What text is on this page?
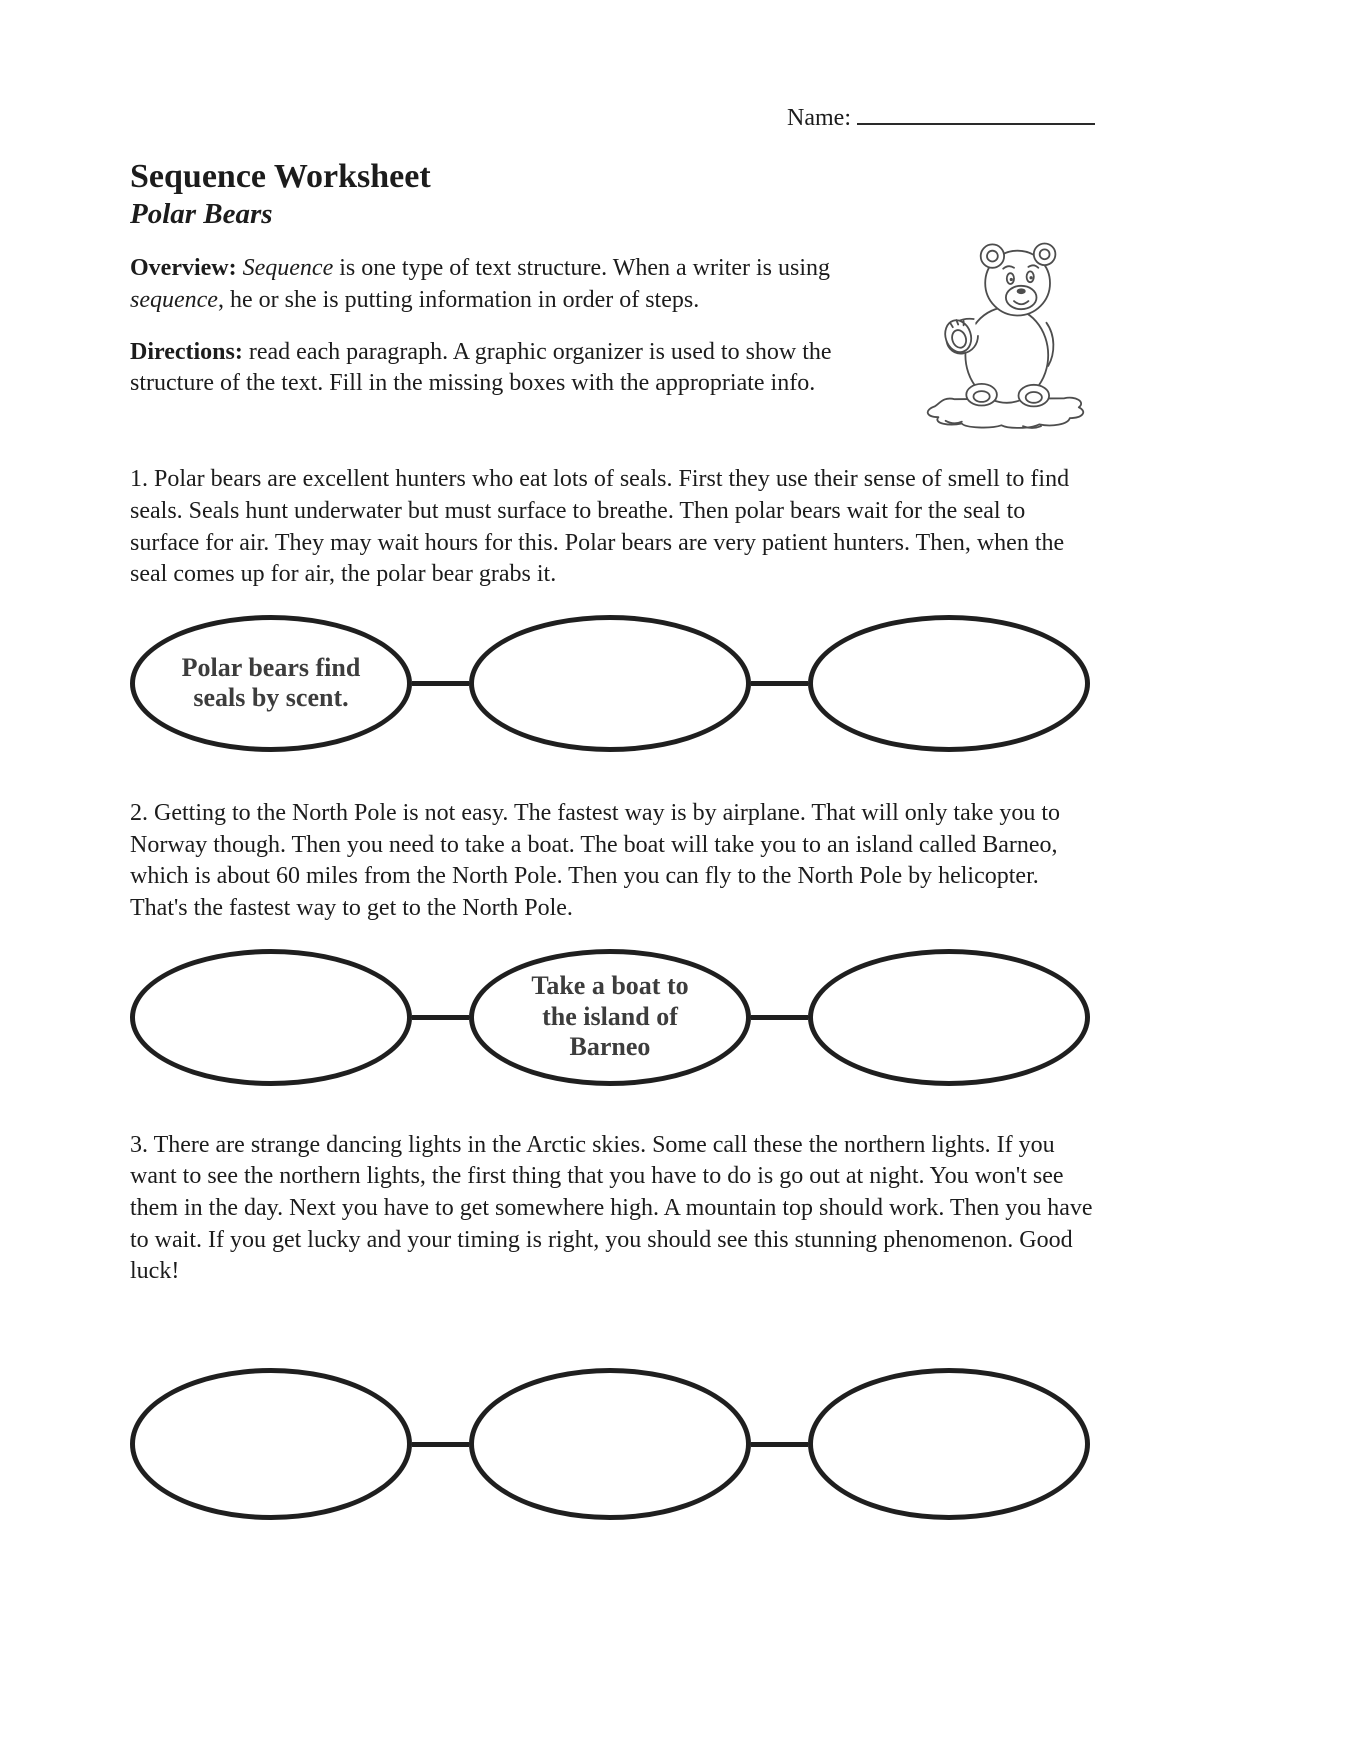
Name:
Sequence Worksheet
Polar Bears

Overview: Sequence is one type of text structure. When a writer is using sequence, he or she is putting information in order of steps.

Directions: read each paragraph. A graphic organizer is used to show the structure of the text. Fill in the missing boxes with the appropriate info.

1. Polar bears are excellent hunters who eat lots of seals. First they use their sense of smell to find seals. Seals hunt underwater but must surface to breathe. Then polar bears wait for the seal to surface for air. They may wait hours for this. Polar bears are very patient hunters. Then, when the seal comes up for air, the polar bear grabs it.

Polar bears find
seals by scent.

2. Getting to the North Pole is not easy. The fastest way is by airplane. That will only take you to Norway though. Then you need to take a boat. The boat will take you to an island called Barneo, which is about 60 miles from the North Pole. Then you can fly to the North Pole by helicopter. That's the fastest way to get to the North Pole.

Take a boat to
the island of
Barneo

3. There are strange dancing lights in the Arctic skies. Some call these the northern lights. If you want to see the northern lights, the first thing that you have to do is go out at night. You won't see them in the day. Next you have to get somewhere high. A mountain top should work. Then you have to wait. If you get lucky and your timing is right, you should see this stunning phenomenon. Good luck!
